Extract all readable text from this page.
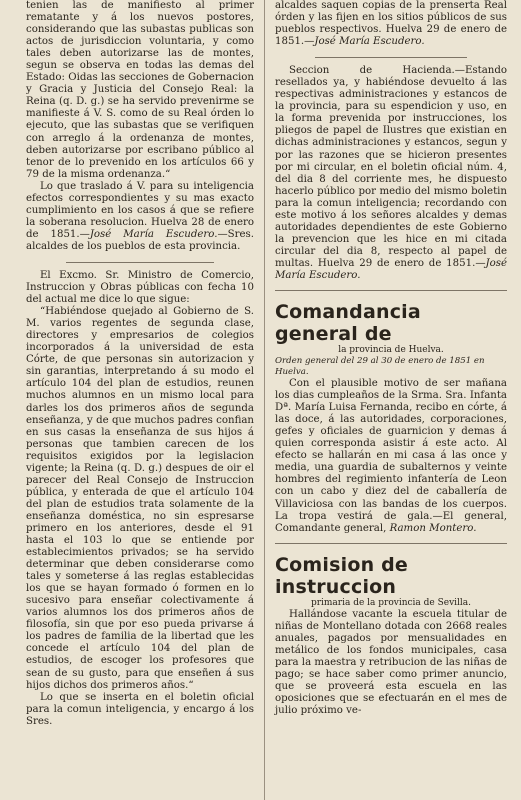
tenien las de manifiesto al primer rematante y á los nuevos postores, considerando que las subastas publicas son actos de jurisdiccion voluntaria, y como tales deben autorizarse las de montes, segun se observa en todas las demas del Estado: Oidas las secciones de Gobernacion y Gracia y Justicia del Consejo Real: la Reina (q. D. g.) se ha servido prevenirme se manifieste á V. S. como de su Real órden lo ejecuto, que las subastas que se verifiquen con arreglo á la ordenanza de montes, deben autorizarse por escribano público al tenor de lo prevenido en los artículos 66 y 79 de la misma ordenanza.“

Lo que traslado á V. para su inteligencia efectos correspondientes y su mas exacto cumplimiento en los casos á que se refiere la soberana resolucion. Huelva 28 de enero de 1851.—José María Escudero.—Sres. alcaldes de los pueblos de esta provincia.

El Excmo. Sr. Ministro de Comercio, Instruccion y Obras públicas con fecha 10 del actual me dice lo que sigue:

“Habiéndose quejado al Gobierno de S. M. varios regentes de segunda clase, directores y empresarios de colegios incorporados á la universidad de esta Córte, de que personas sin autorizacion y sin garantias, interpretando á su modo el artículo 104 del plan de estudios, reunen muchos alumnos en un mismo local para darles los dos primeros años de segunda enseñanza, y de que muchos padres confian en sus casas la enseñanza de sus hijos á personas que tambien carecen de los requisitos exigidos por la legislacion vigente; la Reina (q. D. g.) despues de oir el parecer del Real Consejo de Instruccion pública, y enterada de que el artículo 104 del plan de estudios trata solamente de la enseñanza doméstica, no sin espresarse primero en los anteriores, desde el 91 hasta el 103 lo que se entiende por establecimientos privados; se ha servido determinar que deben considerarse como tales y someterse á las reglas establecidas los que se hayan formado ó formen en lo sucesivo para enseñar colectivamente á varios alumnos los dos primeros años de filosofía, sin que por eso pueda privarse á los padres de familia de la libertad que les concede el artículo 104 del plan de estudios, de escoger los profesores que sean de su gusto, para que enseñen á sus hijos dichos dos primeros años.“

Lo que se inserta en el boletin oficial para la comun inteligencia, y encargo á los Sres.

alcaldes saquen copias de la prenserta Real órden y las fijen en los sitios públicos de sus pueblos respectivos. Huelva 29 de enero de 1851.—José María Escudero.

Seccion de Hacienda.—Estando resellados ya, y habiéndose devuelto á las respectivas administraciones y estancos de la provincia, para su espendicion y uso, en la forma prevenida por instrucciones, los pliegos de papel de Ilustres que existian en dichas administraciones y estancos, segun y por las razones que se hicieron presentes por mi circular, en el boletin oficial núm. 4, del dia 8 del corriente mes, he dispuesto hacerlo público por medio del mismo boletin para la comun inteligencia; recordando con este motivo á los señores alcaldes y demas autoridades dependientes de este Gobierno la prevencion que les hice en mi citada circular del dia 8, respecto al papel de multas. Huelva 29 de enero de 1851.—José María Escudero.

Comandancia general de

la provincia de Huelva.

Orden general del 29 al 30 de enero de 1851 en Huelva.

Con el plausible motivo de ser mañana los dias cumpleaños de la Srma. Sra. Infanta Dª. María Luisa Fernanda, recibo en córte, á las doce, á las autoridades, corporaciones, gefes y oficiales de guarnicion y demas á quien corresponda asistir á este acto. Al efecto se hallarán en mi casa á las once y media, una guardia de subalternos y veinte hombres del regimiento infantería de Leon con un cabo y diez del de caballería de Villaviciosa con las bandas de los cuerpos. La tropa vestirá de gala.—El general, Comandante general, Ramon Montero.

Comision de instruccion

primaria de la provincia de Sevilla.

Hallándose vacante la escuela titular de niñas de Montellano dotada con 2668 reales anuales, pagados por mensualidades en metálico de los fondos municipales, casa para la maestra y retribucion de las niñas de pago; se hace saber como primer anuncio, que se proveerá esta escuela en las oposiciones que se efectuarán en el mes de julio próximo ve-
